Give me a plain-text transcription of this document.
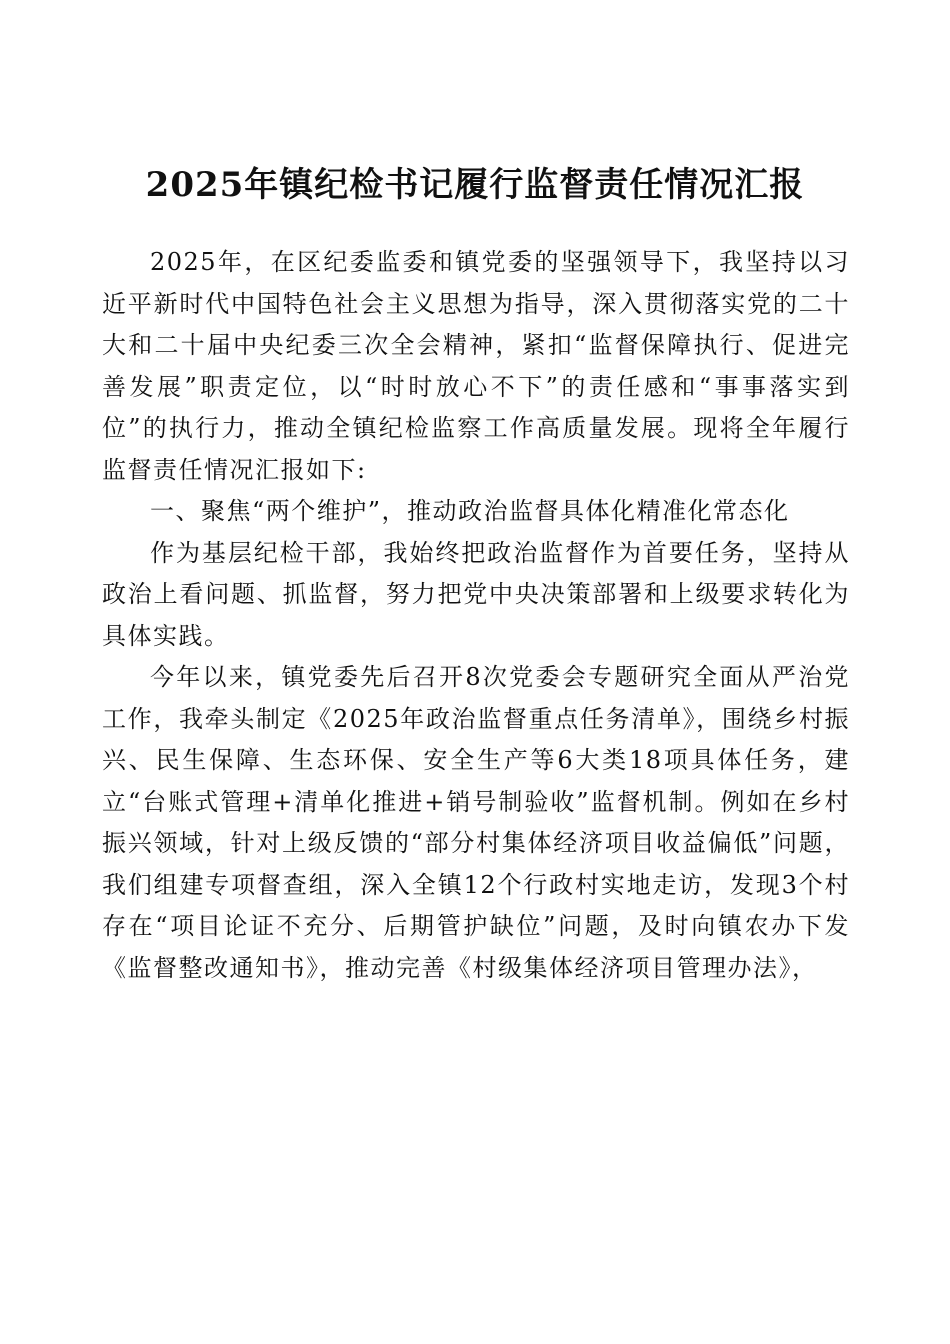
2025年镇纪检书记履行监督责任情况汇报

2025年，在区纪委监委和镇党委的坚强领导下，我坚持以习近平新时代中国特色社会主义思想为指导，深入贯彻落实党的二十大和二十届中央纪委三次全会精神，紧扣“监督保障执行、促进完善发展”职责定位，以“时时放心不下”的责任感和“事事落实到位”的执行力，推动全镇纪检监察工作高质量发展。现将全年履行监督责任情况汇报如下:

一、聚焦“两个维护”，推动政治监督具体化精准化常态化

作为基层纪检干部，我始终把政治监督作为首要任务，坚持从政治上看问题、抓监督，努力把党中央决策部署和上级要求转化为具体实践。

今年以来，镇党委先后召开8次党委会专题研究全面从严治党工作，我牵头制定《2025年政治监督重点任务清单》，围绕乡村振兴、民生保障、生态环保、安全生产等6大类18项具体任务，建立“台账式管理+清单化推进+销号制验收”监督机制。例如在乡村振兴领域，针对上级反馈的“部分村集体经济项目收益偏低”问题，我们组建专项督查组，深入全镇12个行政村实地走访，发现3个村存在“项目论证不充分、后期管护缺位”问题，及时向镇农办下发《监督整改通知书》，推动完善《村级集体经济项目管理办法》，
